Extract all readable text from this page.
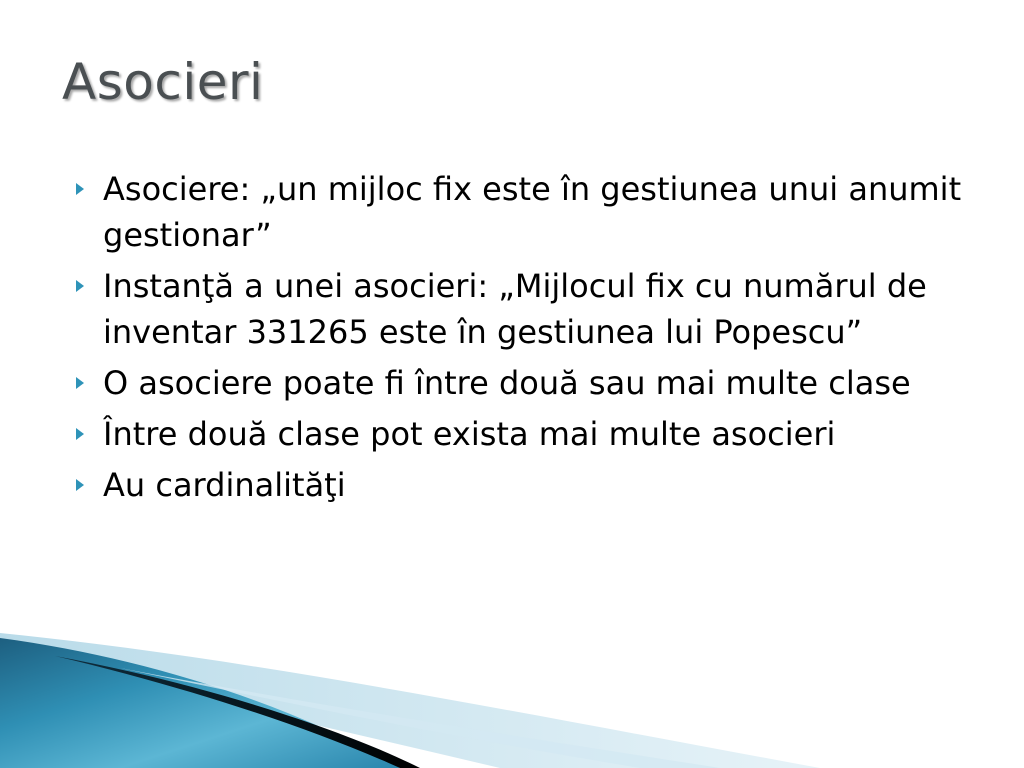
Asocieri
Asociere: „un mijloc fix este în gestiunea unui anumit gestionar”
Instanţă a unei asocieri: „Mijlocul fix cu numărul de inventar 331265 este în gestiunea lui Popescu”
O asociere poate fi între două sau mai multe clase
Între două clase pot exista mai multe asocieri
Au cardinalităţi
